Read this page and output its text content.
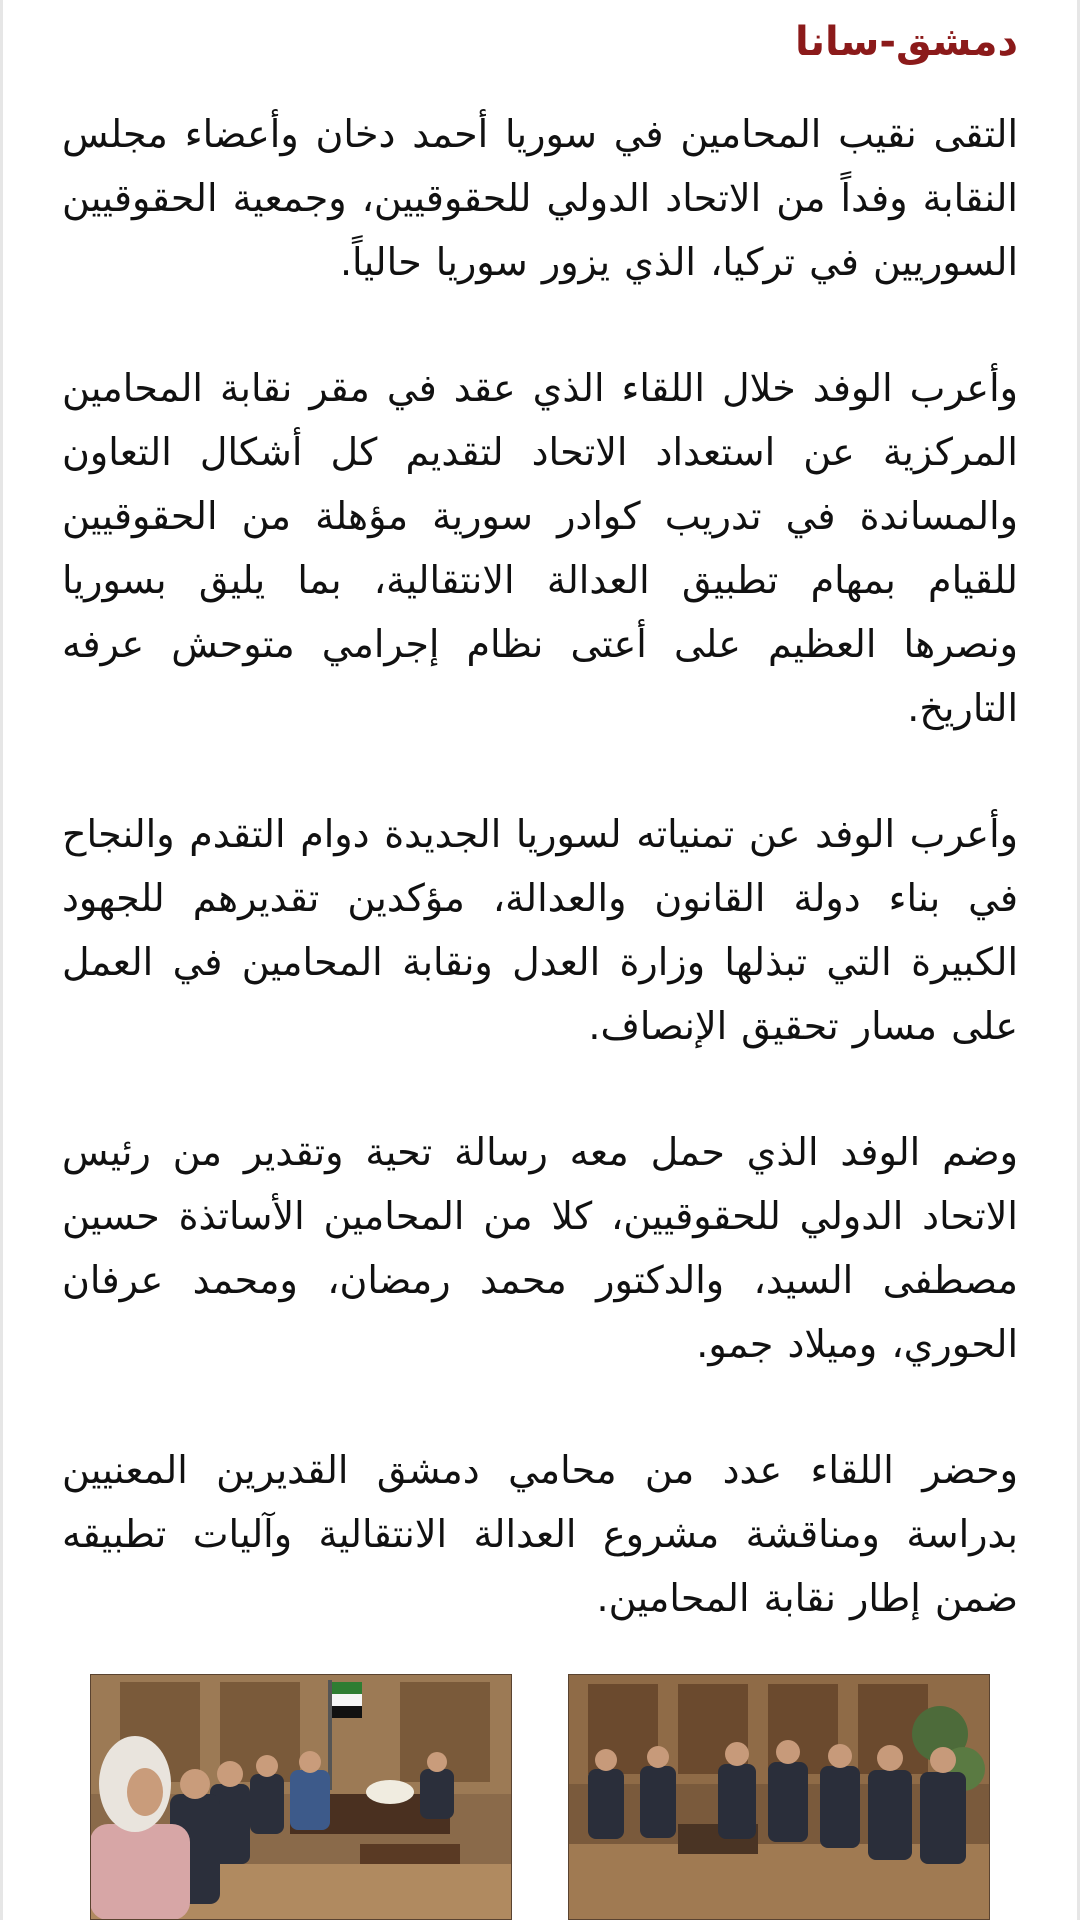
دمشق-سانا

التقى نقيب المحامين في سوريا أحمد دخان وأعضاء مجلس النقابة وفداً من الاتحاد الدولي للحقوقيين، وجمعية الحقوقيين السوريين في تركيا، الذي يزور سوريا حالياً.

وأعرب الوفد خلال اللقاء الذي عقد في مقر نقابة المحامين المركزية عن استعداد الاتحاد لتقديم كل أشكال التعاون والمساندة في تدريب كوادر سورية مؤهلة من الحقوقيين للقيام بمهام تطبيق العدالة الانتقالية، بما يليق بسوريا ونصرها العظيم على أعتى نظام إجرامي متوحش عرفه التاريخ.

وأعرب الوفد عن تمنياته لسوريا الجديدة دوام التقدم والنجاح في بناء دولة القانون والعدالة، مؤكدين تقديرهم للجهود الكبيرة التي تبذلها وزارة العدل ونقابة المحامين في العمل على مسار تحقيق الإنصاف.

وضم الوفد الذي حمل معه رسالة تحية وتقدير من رئيس الاتحاد الدولي للحقوقيين، كلا من المحامين الأساتذة حسين مصطفى السيد، والدكتور محمد رمضان، ومحمد عرفان الحوري، وميلاد جمو.

وحضر اللقاء عدد من محامي دمشق القديرين المعنيين بدراسة ومناقشة مشروع العدالة الانتقالية وآليات تطبيقه ضمن إطار نقابة المحامين.
